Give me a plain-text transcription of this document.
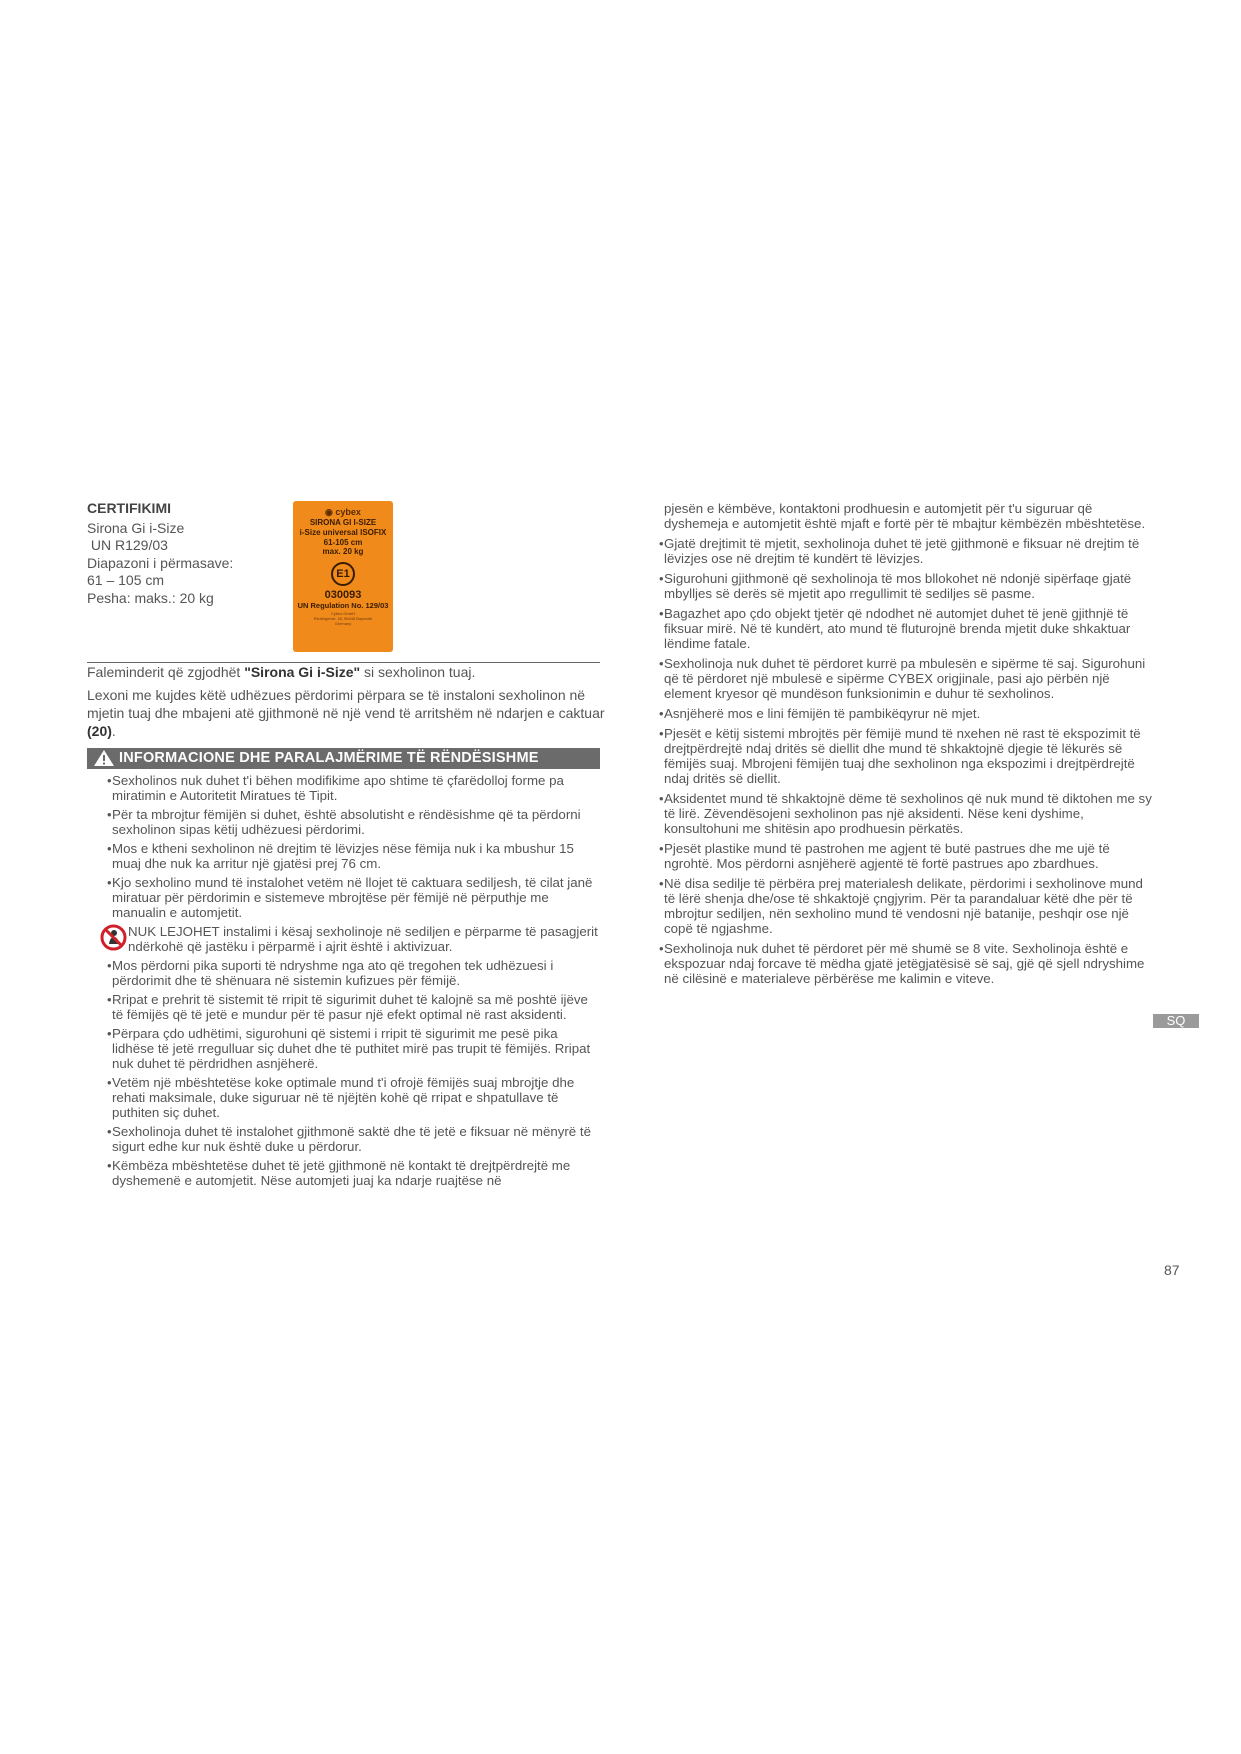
CERTIFIKIMI
Sirona Gi i-Size
UN R129/03
Diapazoni i përmasave:
61 – 105 cm
Pesha: maks.: 20 kg
◉ cybex
SIRONA GI I-SIZE
i-Size universal ISOFIX
61-105 cm
max. 20 kg
E1
030093
UN Regulation No. 129/03
Cybex GmbH
Riedingerstr. 18, 95448 Bayreuth
Germany

Faleminderit që zgjodhët "Sirona Gi i-Size" si sexholinon tuaj.

Lexoni me kujdes këtë udhëzues përdorimi përpara se të instaloni sexholinon në mjetin tuaj dhe mbajeni atë gjithmonë në një vend të arritshëm në ndarjen e caktuar (20).

INFORMACIONE DHE PARALAJMËRIME TË RËNDËSISHME
• Sexholinos nuk duhet t'i bëhen modifikime apo shtime të çfarëdolloj forme pa miratimin e Autoritetit Miratues të Tipit.
• Për ta mbrojtur fëmijën si duhet, është absolutisht e rëndësishme që ta përdorni sexholinon sipas këtij udhëzuesi përdorimi.
• Mos e ktheni sexholinon në drejtim të lëvizjes nëse fëmija nuk i ka mbushur 15 muaj dhe nuk ka arritur një gjatësi prej 76 cm.
• Kjo sexholino mund të instalohet vetëm në llojet të caktuara sediljesh, të cilat janë miratuar për përdorimin e sistemeve mbrojtëse për fëmijë në përputhje me manualin e automjetit.
NUK LEJOHET instalimi i kësaj sexholinoje në sediljen e përparme të pasagjerit ndërkohë që jastëku i përparmë i ajrit është i aktivizuar.
• Mos përdorni pika suporti të ndryshme nga ato që tregohen tek udhëzuesi i përdorimit dhe të shënuara në sistemin kufizues për fëmijë.
• Rripat e prehrit të sistemit të rripit të sigurimit duhet të kalojnë sa më poshtë ijëve të fëmijës që të jetë e mundur për të pasur një efekt optimal në rast aksidenti.
• Përpara çdo udhëtimi, sigurohuni që sistemi i rripit të sigurimit me pesë pika lidhëse të jetë rregulluar siç duhet dhe të puthitet mirë pas trupit të fëmijës. Rripat nuk duhet të përdridhen asnjëherë.
• Vetëm një mbështetëse koke optimale mund t'i ofrojë fëmijës suaj mbrojtje dhe rehati maksimale, duke siguruar në të njëjtën kohë që rripat e shpatullave të puthiten siç duhet.
• Sexholinoja duhet të instalohet gjithmonë saktë dhe të jetë e fiksuar në mënyrë të sigurt edhe kur nuk është duke u përdorur.
• Këmbëza mbështetëse duhet të jetë gjithmonë në kontakt të drejtpërdrejtë me dyshemenë e automjetit. Nëse automjeti juaj ka ndarje ruajtëse në
pjesën e këmbëve, kontaktoni prodhuesin e automjetit për t'u siguruar që dyshemeja e automjetit është mjaft e fortë për të mbajtur këmbëzën mbështetëse.
• Gjatë drejtimit të mjetit, sexholinoja duhet të jetë gjithmonë e fiksuar në drejtim të lëvizjes ose në drejtim të kundërt të lëvizjes.
• Sigurohuni gjithmonë që sexholinoja të mos bllokohet në ndonjë sipërfaqe gjatë mbylljes së derës së mjetit apo rregullimit të sediljes së pasme.
• Bagazhet apo çdo objekt tjetër që ndodhet në automjet duhet të jenë gjithnjë të fiksuar mirë. Në të kundërt, ato mund të fluturojnë brenda mjetit duke shkaktuar lëndime fatale.
• Sexholinoja nuk duhet të përdoret kurrë pa mbulesën e sipërme të saj. Sigurohuni që të përdoret një mbulesë e sipërme CYBEX origjinale, pasi ajo përbën një element kryesor që mundëson funksionimin e duhur të sexholinos.
• Asnjëherë mos e lini fëmijën të pambikëqyrur në mjet.
• Pjesët e këtij sistemi mbrojtës për fëmijë mund të nxehen në rast të ekspozimit të drejtpërdrejtë ndaj dritës së diellit dhe mund të shkaktojnë djegie të lëkurës së fëmijës suaj. Mbrojeni fëmijën tuaj dhe sexholinon nga ekspozimi i drejtpërdrejtë ndaj dritës së diellit.
• Aksidentet mund të shkaktojnë dëme të sexholinos që nuk mund të diktohen me sy të lirë. Zëvendësojeni sexholinon pas një aksidenti. Nëse keni dyshime, konsultohuni me shitësin apo prodhuesin përkatës.
• Pjesët plastike mund të pastrohen me agjent të butë pastrues dhe me ujë të ngrohtë. Mos përdorni asnjëherë agjentë të fortë pastrues apo zbardhues.
• Në disa sedilje të përbëra prej materialesh delikate, përdorimi i sexholinove mund të lërë shenja dhe/ose të shkaktojë çngjyrim. Për ta parandaluar këtë dhe për të mbrojtur sediljen, nën sexholino mund të vendosni një batanije, peshqir ose një copë të ngjashme.
• Sexholinoja nuk duhet të përdoret për më shumë se 8 vite. Sexholinoja është e ekspozuar ndaj forcave të mëdha gjatë jetëgjatësisë së saj, gjë që sjell ndryshime në cilësinë e materialeve përbërëse me kalimin e viteve.
SQ
87
